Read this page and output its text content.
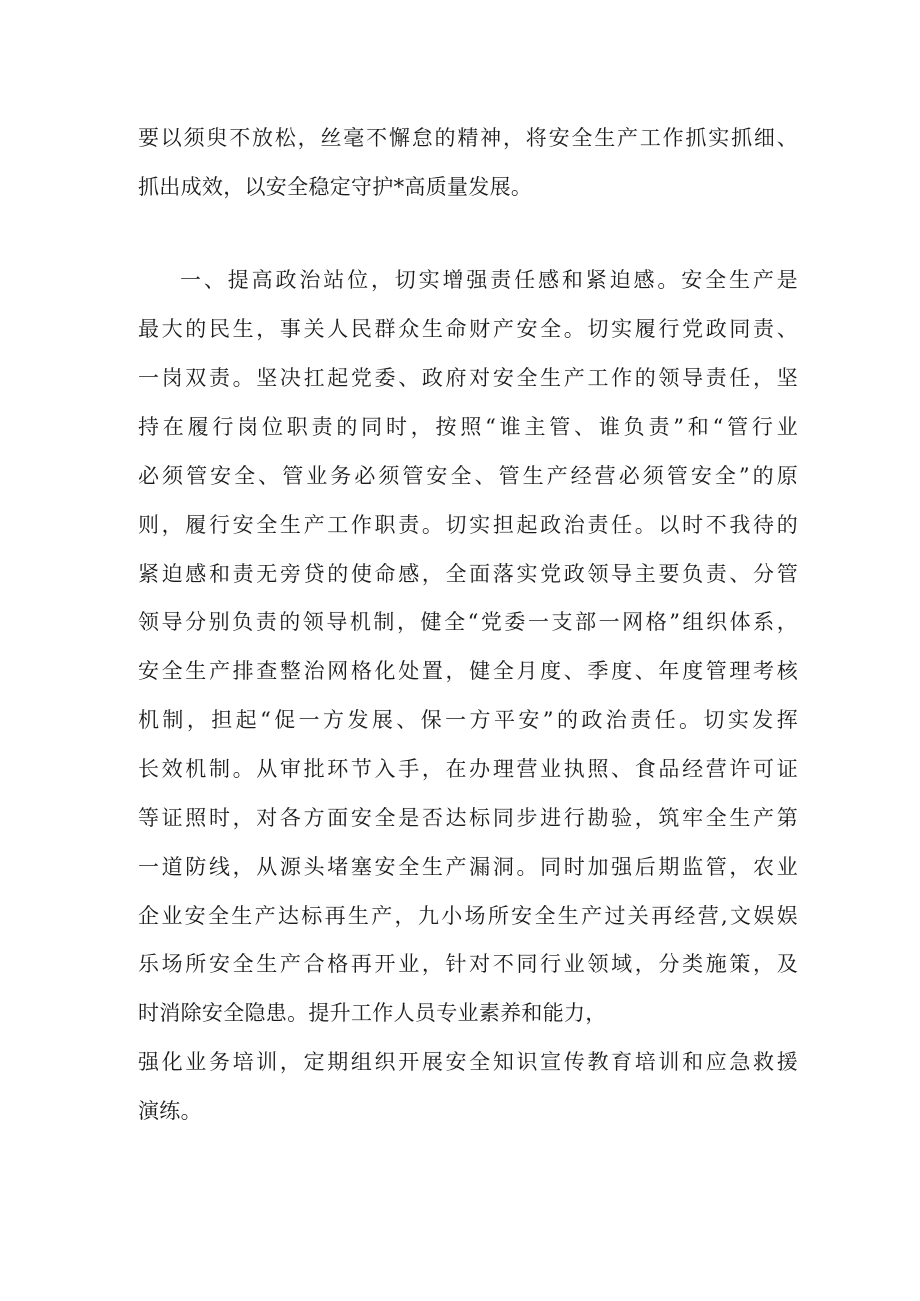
要以须臾不放松，丝毫不懈怠的精神，将安全生产工作抓实抓细、
抓出成效，以安全稳定守护*高质量发展。
一、提高政治站位，切实增强责任感和紧迫感。安全生产是
最大的民生，事关人民群众生命财产安全。切实履行党政同责、
一岗双责。坚决扛起党委、政府对安全生产工作的领导责任，坚
持在履行岗位职责的同时，按照“谁主管、谁负责”和“管行业
必须管安全、管业务必须管安全、管生产经营必须管安全”的原
则，履行安全生产工作职责。切实担起政治责任。以时不我待的
紧迫感和责无旁贷的使命感，全面落实党政领导主要负责、分管
领导分别负责的领导机制，健全“党委一支部一网格”组织体系，
安全生产排查整治网格化处置，健全月度、季度、年度管理考核
机制，担起“促一方发展、保一方平安”的政治责任。切实发挥
长效机制。从审批环节入手，在办理营业执照、食品经营许可证
等证照时，对各方面安全是否达标同步进行勘验，筑牢全生产第
一道防线，从源头堵塞安全生产漏洞。同时加强后期监管，农业
企业安全生产达标再生产，九小场所安全生产过关再经营,文娱娱
乐场所安全生产合格再开业，针对不同行业领域，分类施策，及
时消除安全隐患。提升工作人员专业素养和能力，
强化业务培训，定期组织开展安全知识宣传教育培训和应急救援
演练。
